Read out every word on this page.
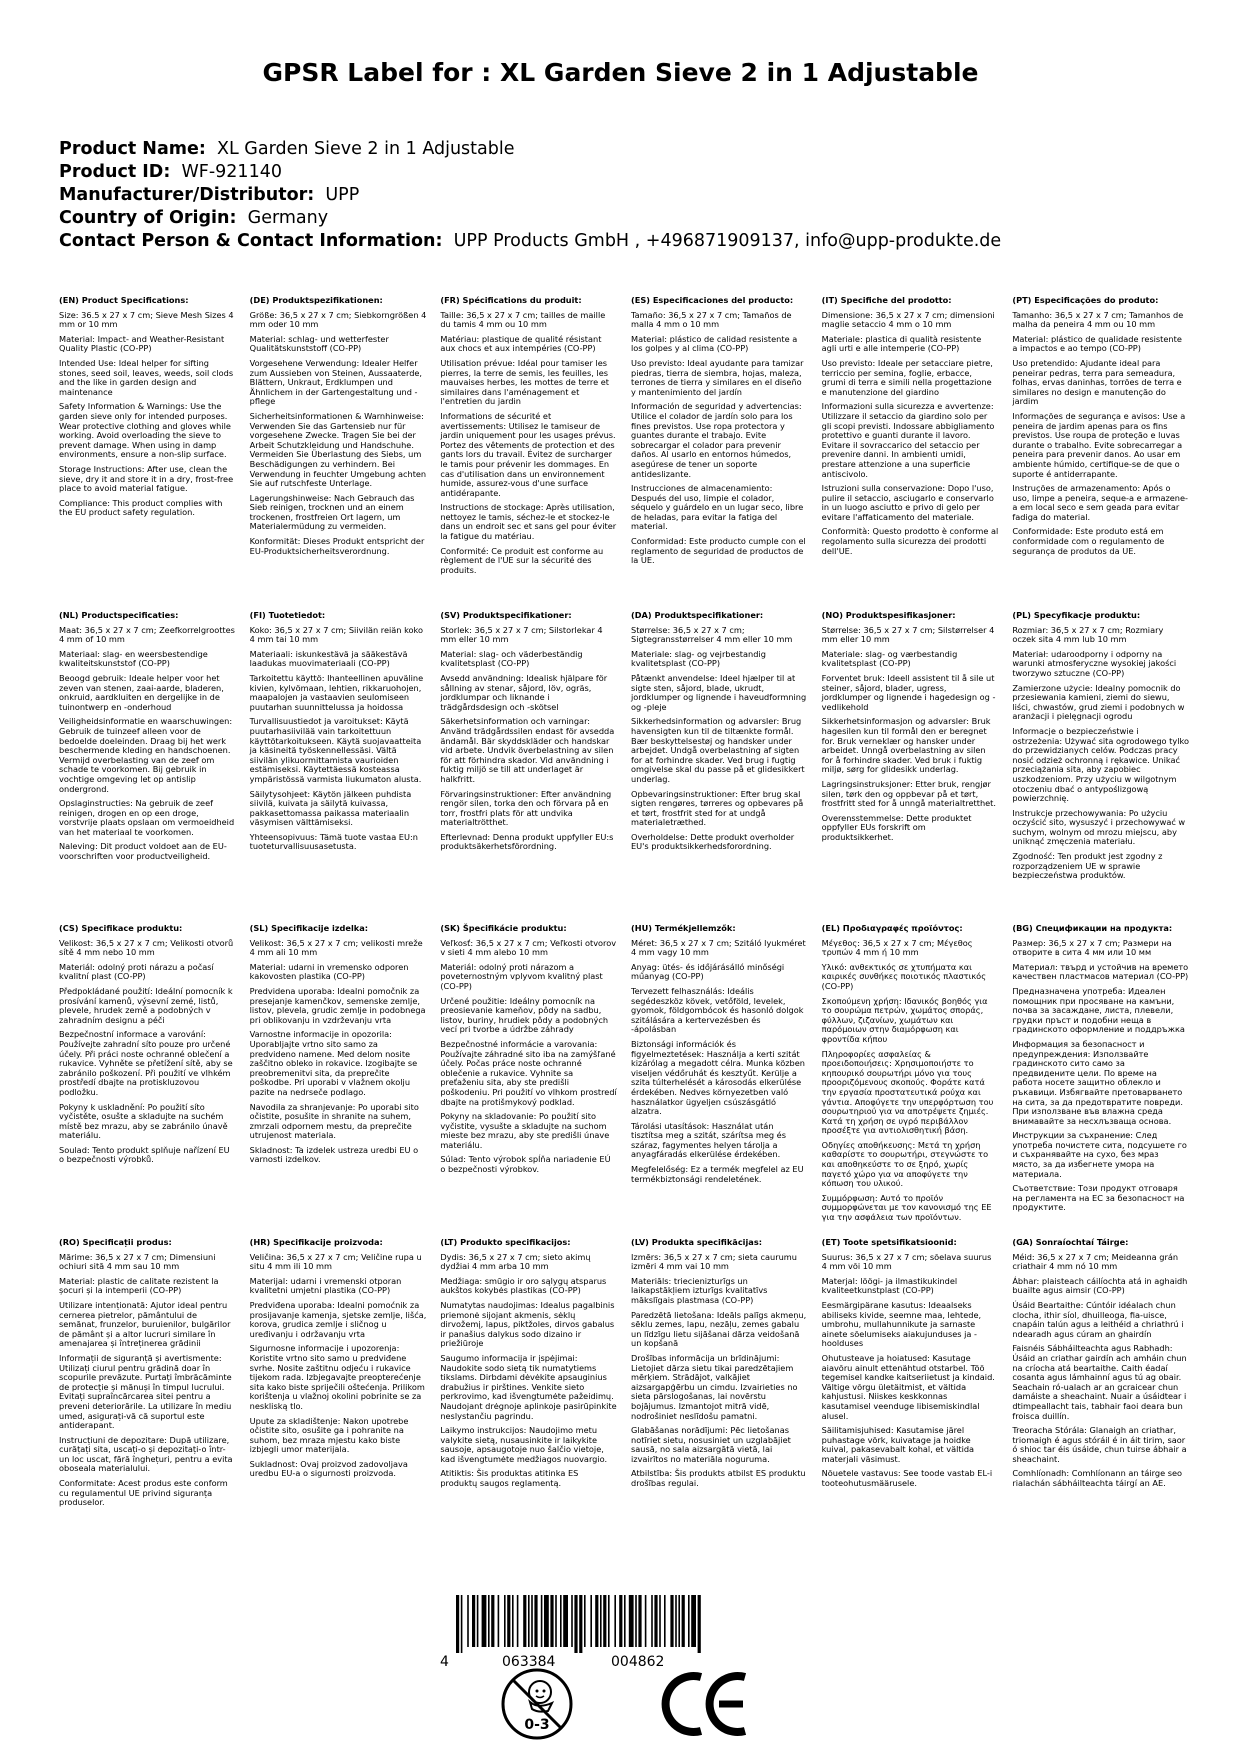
GPSR Label for : XL Garden Sieve 2 in 1 Adjustable
Product Name: XL Garden Sieve 2 in 1 Adjustable
Product ID: WF-921140
Manufacturer/Distributor: UPP
Country of Origin: Germany
Contact Person & Contact Information: UPP Products GmbH , +496871909137, info@upp-produkte.de

(EN) Product Specifications:

Size: 36.5 x 27 x 7 cm; Sieve Mesh Sizes 4 mm or 10 mm

Material: Impact- and Weather-Resistant Quality Plastic (CO-PP)

Intended Use: Ideal helper for sifting stones, seed soil, leaves, weeds, soil clods and the like in garden design and maintenance

Safety Information & Warnings: Use the garden sieve only for intended purposes. Wear protective clothing and gloves while working. Avoid overloading the sieve to prevent damage. When using in damp environments, ensure a non-slip surface.

Storage Instructions: After use, clean the sieve, dry it and store it in a dry, frost-free place to avoid material fatigue.

Compliance: This product complies with the EU product safety regulation.

(DE) Produktspezifikationen:

Größe: 36,5 x 27 x 7 cm; Siebkorngrößen 4 mm oder 10 mm

Material: schlag- und wetterfester Qualitätskunststoff (CO-PP)

Vorgesehene Verwendung: Idealer Helfer zum Aussieben von Steinen, Aussaaterde, Blättern, Unkraut, Erdklumpen und Ähnlichem in der Gartengestaltung und -pflege

Sicherheitsinformationen & Warnhinweise: Verwenden Sie das Gartensieb nur für vorgesehene Zwecke. Tragen Sie bei der Arbeit Schutzkleidung und Handschuhe. Vermeiden Sie Überlastung des Siebs, um Beschädigungen zu verhindern. Bei Verwendung in feuchter Umgebung achten Sie auf rutschfeste Unterlage.

Lagerungshinweise: Nach Gebrauch das Sieb reinigen, trocknen und an einem trockenen, frostfreien Ort lagern, um Materialermüdung zu vermeiden.

Konformität: Dieses Produkt entspricht der EU-Produktsicherheitsverordnung.

(FR) Spécifications du produit:

Taille: 36,5 x 27 x 7 cm; tailles de maille du tamis 4 mm ou 10 mm

Matériau: plastique de qualité résistant aux chocs et aux intempéries (CO-PP)

Utilisation prévue: Idéal pour tamiser les pierres, la terre de semis, les feuilles, les mauvaises herbes, les mottes de terre et similaires dans l'aménagement et l'entretien du jardin

Informations de sécurité et avertissements: Utilisez le tamiseur de jardin uniquement pour les usages prévus. Portez des vêtements de protection et des gants lors du travail. Évitez de surcharger le tamis pour prévenir les dommages. En cas d'utilisation dans un environnement humide, assurez-vous d'une surface antidérapante.

Instructions de stockage: Après utilisation, nettoyez le tamis, séchez-le et stockez-le dans un endroit sec et sans gel pour éviter la fatigue du matériau.

Conformité: Ce produit est conforme au règlement de l'UE sur la sécurité des produits.

(ES) Especificaciones del producto:

Tamaño: 36,5 x 27 x 7 cm; Tamaños de malla 4 mm o 10 mm

Material: plástico de calidad resistente a los golpes y al clima (CO-PP)

Uso previsto: Ideal ayudante para tamizar piedras, tierra de siembra, hojas, maleza, terrones de tierra y similares en el diseño y mantenimiento del jardín

Información de seguridad y advertencias: Utilice el colador de jardín solo para los fines previstos. Use ropa protectora y guantes durante el trabajo. Evite sobrecargar el colador para prevenir daños. Al usarlo en entornos húmedos, asegúrese de tener un soporte antideslizante.

Instrucciones de almacenamiento: Después del uso, limpie el colador, séquelo y guárdelo en un lugar seco, libre de heladas, para evitar la fatiga del material.

Conformidad: Este producto cumple con el reglamento de seguridad de productos de la UE.

(IT) Specifiche del prodotto:

Dimensione: 36,5 x 27 x 7 cm; dimensioni maglie setaccio 4 mm o 10 mm

Materiale: plastica di qualità resistente agli urti e alle intemperie (CO-PP)

Uso previsto: Ideale per setacciare pietre, terriccio per semina, foglie, erbacce, grumi di terra e simili nella progettazione e manutenzione del giardino

Informazioni sulla sicurezza e avvertenze: Utilizzare il setaccio da giardino solo per gli scopi previsti. Indossare abbigliamento protettivo e guanti durante il lavoro. Evitare il sovraccarico del setaccio per prevenire danni. In ambienti umidi, prestare attenzione a una superficie antiscivolo.

Istruzioni sulla conservazione: Dopo l'uso, pulire il setaccio, asciugarlo e conservarlo in un luogo asciutto e privo di gelo per evitare l'affaticamento del materiale.

Conformità: Questo prodotto è conforme al regolamento sulla sicurezza dei prodotti dell'UE.

(PT) Especificações do produto:

Tamanho: 36,5 x 27 x 7 cm; Tamanhos de malha da peneira 4 mm ou 10 mm

Material: plástico de qualidade resistente a impactos e ao tempo (CO-PP)

Uso pretendido: Ajudante ideal para peneirar pedras, terra para semeadura, folhas, ervas daninhas, torrões de terra e similares no design e manutenção do jardim

Informações de segurança e avisos: Use a peneira de jardim apenas para os fins previstos. Use roupa de proteção e luvas durante o trabalho. Evite sobrecarregar a peneira para prevenir danos. Ao usar em ambiente húmido, certifique-se de que o suporte é antiderrapante.

Instruções de armazenamento: Após o uso, limpe a peneira, seque-a e armazene-a em local seco e sem geada para evitar fadiga do material.

Conformidade: Este produto está em conformidade com o regulamento de segurança de produtos da UE.

(NL) Productspecificaties:

Maat: 36,5 x 27 x 7 cm; Zeefkorrelgroottes 4 mm of 10 mm

Materiaal: slag- en weersbestendige kwaliteitskunststof (CO-PP)

Beoogd gebruik: Ideale helper voor het zeven van stenen, zaai-aarde, bladeren, onkruid, aardkluiten en dergelijke in de tuinontwerp en -onderhoud

Veiligheidsinformatie en waarschuwingen: Gebruik de tuinzeef alleen voor de bedoelde doeleinden. Draag bij het werk beschermende kleding en handschoenen. Vermijd overbelasting van de zeef om schade te voorkomen. Bij gebruik in vochtige omgeving let op antislip ondergrond.

Opslaginstructies: Na gebruik de zeef reinigen, drogen en op een droge, vorstvrije plaats opslaan om vermoeidheid van het materiaal te voorkomen.

Naleving: Dit product voldoet aan de EU-voorschriften voor productveiligheid.

(FI) Tuotetiedot:

Koko: 36,5 x 27 x 7 cm; Siivilän reiän koko 4 mm tai 10 mm

Materiaali: iskunkestävä ja sääkestävä laadukas muovimateriaali (CO-PP)

Tarkoitettu käyttö: Ihanteellinen apuväline kivien, kylvömaan, lehtien, rikkaruohojen, maapalojen ja vastaavien seulomiseen puutarhan suunnittelussa ja hoidossa

Turvallisuustiedot ja varoitukset: Käytä puutarhasiivilää vain tarkoitettuun käyttötarkoitukseen. Käytä suojavaatteita ja käsineitä työskennellessäsi. Vältä siivilän ylikuormittamista vaurioiden estämiseksi. Käytettäessä kosteassa ympäristössä varmista liukumaton alusta.

Säilytysohjeet: Käytön jälkeen puhdista siivilä, kuivata ja säilytä kuivassa, pakkasettomassa paikassa materiaalin väsymisen välttämiseksi.

Yhteensopivuus: Tämä tuote vastaa EU:n tuoteturvallisuusasetusta.

(SV) Produktspecifikationer:

Storlek: 36,5 x 27 x 7 cm; Silstorlekar 4 mm eller 10 mm

Material: slag- och väderbeständig kvalitetsplast (CO-PP)

Avsedd användning: Idealisk hjälpare för sållning av stenar, såjord, löv, ogräs, jordklumpar och liknande i trädgårdsdesign och -skötsel

Säkerhetsinformation och varningar: Använd trädgårdssilen endast för avsedda ändamål. Bär skyddskläder och handskar vid arbete. Undvik överbelastning av silen för att förhindra skador. Vid användning i fuktig miljö se till att underlaget är halkfritt.

Förvaringsinstruktioner: Efter användning rengör silen, torka den och förvara på en torr, frostfri plats för att undvika materialtrötthet.

Efterlevnad: Denna produkt uppfyller EU:s produktsäkerhetsförordning.

(DA) Produktspecifikationer:

Størrelse: 36,5 x 27 x 7 cm; Sigtegransstørrelser 4 mm eller 10 mm

Materiale: slag- og vejrbestandig kvalitetsplast (CO-PP)

Påtænkt anvendelse: Ideel hjælper til at sigte sten, såjord, blade, ukrudt, jordklumper og lignende i haveudformning og -pleje

Sikkerhedsinformation og advarsler: Brug havensigten kun til de tiltænkte formål. Bær beskyttelsestøj og handsker under arbejdet. Undgå overbelastning af sigten for at forhindre skader. Ved brug i fugtig omgivelse skal du passe på et glidesikkert underlag.

Opbevaringsinstruktioner: Efter brug skal sigten rengøres, tørreres og opbevares på et tørt, frostfrit sted for at undgå materialetræthed.

Overholdelse: Dette produkt overholder EU's produktsikkerhedsforordning.

(NO) Produktspesifikasjoner:

Størrelse: 36,5 x 27 x 7 cm; Silstørrelser 4 mm eller 10 mm

Materiale: slag- og værbestandig kvalitetsplast (CO-PP)

Forventet bruk: Ideell assistent til å sile ut steiner, såjord, blader, ugress, jordklumper og lignende i hagedesign og -vedlikehold

Sikkerhetsinformasjon og advarsler: Bruk hagesilen kun til formål den er beregnet for. Bruk verneklær og hansker under arbeidet. Unngå overbelastning av silen for å forhindre skader. Ved bruk i fuktig miljø, sørg for glidesikk underlag.

Lagringsinstruksjoner: Etter bruk, rengjør silen, tørk den og oppbevar på et tørt, frostfritt sted for å unngå materialtretthet.

Overensstemmelse: Dette produktet oppfyller EUs forskrift om produktsikkerhet.

(PL) Specyfikacje produktu:

Rozmiar: 36,5 x 27 x 7 cm; Rozmiary oczek sita 4 mm lub 10 mm

Materiał: udaroodporny i odporny na warunki atmosferyczne wysokiej jakości tworzywo sztuczne (CO-PP)

Zamierzone użycie: Idealny pomocnik do przesiewania kamieni, ziemi do siewu, liści, chwastów, grud ziemi i podobnych w aranżacji i pielęgnacji ogrodu

Informacje o bezpieczeństwie i ostrzeżenia: Używać sita ogrodowego tylko do przewidzianych celów. Podczas pracy nosić odzież ochronną i rękawice. Unikać przeciążania sita, aby zapobiec uszkodzeniom. Przy użyciu w wilgotnym otoczeniu dbać o antypoślizgową powierzchnię.

Instrukcje przechowywania: Po użyciu oczyścić sito, wysuszyć i przechowywać w suchym, wolnym od mrozu miejscu, aby uniknąć zmęczenia materiału.

Zgodność: Ten produkt jest zgodny z rozporządzeniem UE w sprawie bezpieczeństwa produktów.

(CS) Specifikace produktu:

Velikost: 36,5 x 27 x 7 cm; Velikosti otvorů sítě 4 mm nebo 10 mm

Materiál: odolný proti nárazu a počasí kvalitní plast (CO-PP)

Předpokládané použití: Ideální pomocník k prosívání kamenů, výsevní zemé, listů, plevele, hrudek země a podobných v zahradním designu a péči

Bezpečnostní informace a varování: Používejte zahradní síto pouze pro určené účely. Při práci noste ochranné oblečení a rukavice. Vyhněte se přetížení sítě, aby se zabránilo poškození. Při použití ve vlhkém prostředí dbajte na protiskluzovou podložku.

Pokyny k uskladnění: Po použití síto vyčistěte, osušte a skladujte na suchém místě bez mrazu, aby se zabránilo únavě materiálu.

Soulad: Tento produkt splňuje nařízení EU o bezpečnosti výrobků.

(SL) Specifikacije izdelka:

Velikost: 36,5 x 27 x 7 cm; velikosti mreže 4 mm ali 10 mm

Material: udarni in vremensko odporen kakovosten plastika (CO-PP)

Predvidena uporaba: Idealni pomočnik za presejanje kamenčkov, semenske zemlje, listov, plevela, grudic zemlje in podobnega pri oblikovanju in vzdrževanju vrta

Varnostne informacije in opozorila: Uporabljajte vrtno sito samo za predvideno namene. Med delom nosite zaščitno obleko in rokavice. Izogibajte se preobremenitvi sita, da preprečite poškodbe. Pri uporabi v vlažnem okolju pazite na nedrseče podlago.

Navodila za shranjevanje: Po uporabi sito očistite, posušite in shranite na suhem, zmrzali odpornem mestu, da preprečite utrujenost materiala.

Skladnost: Ta izdelek ustreza uredbi EU o varnosti izdelkov.

(SK) Špecifikácie produktu:

Veľkosť: 36,5 x 27 x 7 cm; Veľkosti otvorov v sieti 4 mm alebo 10 mm

Materiál: odolný proti nárazom a poveternostným vplyvom kvalitný plast (CO-PP)

Určené použitie: Ideálny pomocník na preosievanie kameňov, pôdy na sadbu, listov, buriny, hrudiek pôdy a podobných vecí pri tvorbe a údržbe záhrady

Bezpečnostné informácie a varovania: Používajte záhradné sito iba na zamýšľané účely. Počas práce noste ochranné oblečenie a rukavice. Vyhnite sa preťaženiu sita, aby ste predišli poškodeniu. Pri použití vo vlhkom prostredí dbajte na protišmykový podklad.

Pokyny na skladovanie: Po použití sito vyčistite, vysušte a skladujte na suchom mieste bez mrazu, aby ste predišli únave materiálu.

Súlad: Tento výrobok spĺňa nariadenie EÚ o bezpečnosti výrobkov.

(HU) Termékjellemzők:

Méret: 36,5 x 27 x 7 cm; Szitáló lyukméret 4 mm vagy 10 mm

Anyag: ütés- és időjárásálló minőségi műanyag (CO-PP)

Tervezett felhasználás: Ideális segédeszköz kövek, vetőföld, levelek, gyomok, földgombócok és hasonló dolgok szitálására a kertervezésben és -ápolásban

Biztonsági információk és figyelmeztetések: Használja a kerti szitát kizárólag a megadott célra. Munka közben viseljen védőruhát és kesztyűt. Kerülje a szita túlterhelését a károsodás elkerülése érdekében. Nedves környezetben való használatkor ügyeljen csúszásgátló alzatra.

Tárolási utasítások: Használat után tisztítsa meg a szitát, szárítsa meg és száraz, fagymentes helyen tárolja a anyagfáradás elkerülése érdekében.

Megfelelőség: Ez a termék megfelel az EU termékbiztonsági rendeletének.

(EL) Προδιαγραφές προϊόντος:

Μέγεθος: 36,5 x 27 x 7 cm; Μέγεθος τρυπών 4 mm ή 10 mm

Υλικό: ανθεκτικός σε χτυπήματα και καιρικές συνθήκες ποιοτικός πλαστικός (CO-PP)

Σκοπούμενη χρήση: Ιδανικός βοηθός για το σουρώμα πετρών, χωμάτος σποράς, φύλλων, ζιζανίων, χωμάτων και παρόμοιων στην διαμόρφωση και φροντίδα κήπου

Πληροφορίες ασφαλείας & προειδοποιήσεις: Χρησιμοποιήστε το κηπουρικό σουρωτήρι μόνο για τους προοριζόμενους σκοπούς. Φοράτε κατά την εργασία προστατευτικά ρούχα και γάντια. Αποφύγετε την υπερφόρτωση του σουρωτηριού για να αποτρέψετε ζημιές. Κατά τη χρήση σε υγρό περιβάλλον προσέξτε για αντιολισθητική βάση.

Οδηγίες αποθήκευσης: Μετά τη χρήση καθαρίστε το σουρωτήρι, στεγνώστε το και αποθηκεύστε το σε ξηρό, χωρίς παγετό χώρο για να αποφύγετε την κόπωση του υλικού.

Συμμόρφωση: Αυτό το προϊόν συμμορφώνεται με τον κανονισμό της ΕΕ για την ασφάλεια των προϊόντων.

(BG) Спецификации на продукта:

Размер: 36,5 x 27 x 7 cm; Размери на отворите в сита 4 мм или 10 мм

Материал: твърд и устойчив на времето качествен пластмасов материал (CO-PP)

Предназначена употреба: Идеален помощник при просяване на камъни, почва за засаждане, листа, плевели, грудки пръст и подобни неща в градинското оформление и поддръжка

Информация за безопасност и предупреждения: Използвайте градинското сито само за предвидените цели. По време на работа носете защитно облекло и ръкавици. Избягвайте претоварването на сита, за да предотвратите повреди. При използване във влажна среда внимавайте за несхлъзваща основа.

Инструкции за съхранение: След употреба почистете сита, подсушете го и съхранявайте на сухо, без мраз място, за да избегнете умора на материала.

Съответствие: Този продукт отговаря на регламента на ЕС за безопасност на продуктите.

(RO) Specificații produs:

Mărime: 36,5 x 27 x 7 cm; Dimensiuni ochiuri sită 4 mm sau 10 mm

Material: plastic de calitate rezistent la șocuri și la intemperii (CO-PP)

Utilizare intenționată: Ajutor ideal pentru cernerea pietrelor, pământului de semănat, frunzelor, buruienilor, bulgărilor de pământ și a altor lucruri similare în amenajarea și întreținerea grădinii

Informații de siguranță și avertismente: Utilizați ciurul pentru grădină doar în scopurile prevăzute. Purtați îmbrăcăminte de protecție și mănuși în timpul lucrului. Evitați supraîncărcarea sitei pentru a preveni deteriorările. La utilizare în mediu umed, asigurați-vă că suportul este antiderapant.

Instrucțiuni de depozitare: După utilizare, curățați sita, uscați-o și depozitați-o într-un loc uscat, fără înghețuri, pentru a evita oboseala materialului.

Conformitate: Acest produs este conform cu regulamentul UE privind siguranța produselor.

(HR) Specifikacije proizvoda:

Veličina: 36,5 x 27 x 7 cm; Veličine rupa u situ 4 mm ili 10 mm

Materijal: udarni i vremenski otporan kvalitetni umjetni plastika (CO-PP)

Predviđena uporaba: Idealni pomoćnik za prosijavanje kamenja, sjetske zemlje, lišća, korova, grudica zemlje i sličnog u uređivanju i održavanju vrta

Sigurnosne informacije i upozorenja: Koristite vrtno sito samo u predviđene svrhe. Nosite zaštitnu odjeću i rukavice tijekom rada. Izbjegavajte preopterećenje sita kako biste spriječili oštećenja. Prilikom korištenja u vlažnoj okolini pobrinite se za neskliską tlo.

Upute za skladištenje: Nakon upotrebe očistite sito, osušite ga i pohranite na suhom, bez mraza mjestu kako biste izbjegli umor materijala.

Sukladnost: Ovaj proizvod zadovoljava uredbu EU-a o sigurnosti proizvoda.

(LT) Produkto specifikacijos:

Dydis: 36,5 x 27 x 7 cm; sieto akimų dydžiai 4 mm arba 10 mm

Medžiaga: smūgio ir oro sąlygų atsparus aukštos kokybės plastikas (CO-PP)

Numatytas naudojimas: Idealus pagalbinis priemonė sijojant akmenis, sėklų dirvožemį, lapus, piktžoles, dirvos gabalus ir panašius dalykus sodo dizaino ir priežiūroje

Saugumo informacija ir įspėjimai: Naudokite sodo sietą tik numatytiems tikslams. Dirbdami dėvėkite apsauginius drabužius ir pirštines. Venkite sieto perkrovimo, kad išvengtumėte pažeidimų. Naudojant drėgnoje aplinkoje pasirūpinkite neslystančiu pagrindu.

Laikymo instrukcijos: Naudojimo metu valykite sietą, nusausinkite ir laikykite sausoje, apsaugotoje nuo šalčio vietoje, kad išvengtumėte medžiagos nuovargio.

Atitiktis: Šis produktas atitinka ES produktų saugos reglamentą.

(LV) Produkta specifikācijas:

Izmērs: 36,5 x 27 x 7 cm; sieta caurumu izmēri 4 mm vai 10 mm

Materiāls: triecienizturīgs un laikapstākļiem izturīgs kvalitatīvs mākslīgais plastmasa (CO-PP)

Paredzētā lietošana: Ideāls palīgs akmeņu, sēklu zemes, lapu, nezāļu, zemes gabalu un līdzīgu lietu sijāšanai dārza veidošanā un kopšanā

Drošības informācija un brīdinājumi: Lietojiet dārza sietu tikai paredzētajiem mērķiem. Strādājot, valkājiet aizsargapģērbu un cimdu. Izvairieties no sieta pārslogošanas, lai novērstu bojājumus. Izmantojot mitrā vidē, nodrošiniet neslīdošu pamatni.

Glabāšanas norādījumi: Pēc lietošanas notīriet sietu, nosusiniet un uzglabājiet sausā, no sala aizsargātā vietā, lai izvairītos no materiāla noguruma.

Atbilstība: Šis produkts atbilst ES produktu drošības regulai.

(ET) Toote spetsifikatsioonid:

Suurus: 36,5 x 27 x 7 cm; sõelava suurus 4 mm või 10 mm

Materjal: löögi- ja ilmastikukindel kvaliteetkunstplast (CO-PP)

Eesmärgipärane kasutus: Ideaalseks abiliseks kivide, seemne maa, lehtede, umbrohu, mullahunnikute ja sarnaste ainete sõelumiseks aiakujunduses ja -hoolduses

Ohutusteave ja hoiatused: Kasutage aiavõru ainult ettenähtud otstarbel. Töö tegemisel kandke kaitseriietust ja kindaid. Vältige võrgu ületäitmist, et vältida kahjustusi. Niiskes keskkonnas kasutamisel veenduge libisemiskindlal alusel.

Säilitamisjuhised: Kasutamise järel puhastage võrk, kuivatage ja hoidke kuival, pakasevabalt kohal, et vältida materjali väsimust.

Nõuetele vastavus: See toode vastab EL-i tooteohutusmäärusele.

(GA) Sonraíochtaí Táirge:

Méid: 36,5 x 27 x 7 cm; Meideanna grán criathair 4 mm nó 10 mm

Ábhar: plaisteach cáilíochta atá in aghaidh buailte agus aimsir (CO-PP)

Úsáid Beartaithe: Cúntóir idéalach chun clocha, ithir síol, dhuilleoga, fia-uisce, cnapáin talún agus a leithéid a chriathrú i ndearadh agus cúram an ghairdín

Faisnéis Sábháilteachta agus Rabhadh: Úsáid an criathar gairdín ach amháin chun na críocha atá beartaithe. Caith éadaí cosanta agus lámhainní agus tú ag obair. Seachain ró-ualach ar an gcraicear chun damáiste a sheachaint. Nuair a úsáidtear i dtimpeallacht tais, tabhair faoi deara bun froisca duillín.

Treoracha Stórála: Glanaigh an criathar, triomaigh é agus stóráil é in áit tirim, saor ó shioc tar éis úsáide, chun tuirse ábhair a sheachaint.

Comhlíonadh: Comhlíonann an táirge seo rialachán sábháilteachta táirgí an AE.

4	063384	004862
0-3
